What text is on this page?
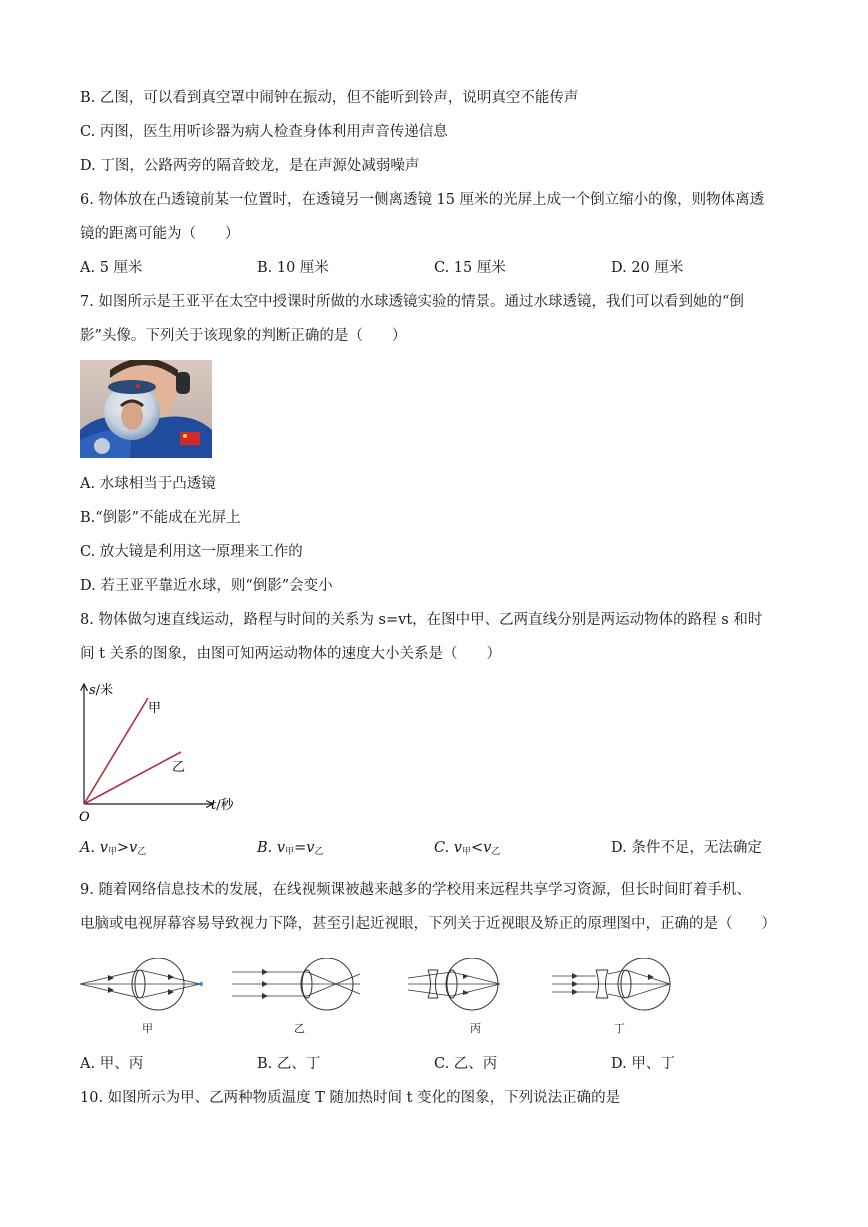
B. 乙图，可以看到真空罩中闹钟在振动，但不能听到铃声，说明真空不能传声
C. 丙图，医生用听诊器为病人检查身体利用声音传递信息
D. 丁图，公路两旁的隔音蛟龙，是在声源处减弱噪声
6. 物体放在凸透镜前某一位置时，在透镜另一侧离透镜 15 厘米的光屏上成一个倒立缩小的像，则物体离透
镜的距离可能为（　　）
A. 5 厘米	B. 10 厘米	C. 15 厘米	D. 20 厘米
7. 如图所示是王亚平在太空中授课时所做的水球透镜实验的情景。通过水球透镜，我们可以看到她的“倒
影”头像。下列关于该现象的判断正确的是（　　）
A. 水球相当于凸透镜
B.“倒影”不能成在光屏上
C. 放大镜是利用这一原理来工作的
D. 若王亚平靠近水球，则“倒影”会变小
8. 物体做匀速直线运动，路程与时间的关系为 s=vt，在图中甲、乙两直线分别是两运动物体的路程 s 和时
间 t 关系的图象，由图可知两运动物体的速度大小关系是（　　）
s/米
t/秒
O
甲
乙
A. $v_甲>v_乙$	B. $v_甲=v_乙$	C. $v_甲<v_乙$	D. 条件不足，无法确定
9. 随着网络信息技术的发展，在线视频课被越来越多的学校用来远程共享学习资源，但长时间盯着手机、
电脑或电视屏幕容易导致视力下降，甚至引起近视眼，下列关于近视眼及矫正的原理图中，正确的是（　　）
甲	乙	丙	丁
A. 甲、丙	B. 乙、丁	C. 乙、丙	D. 甲、丁
10. 如图所示为甲、乙两种物质温度 T 随加热时间 t 变化的图象，下列说法正确的是
